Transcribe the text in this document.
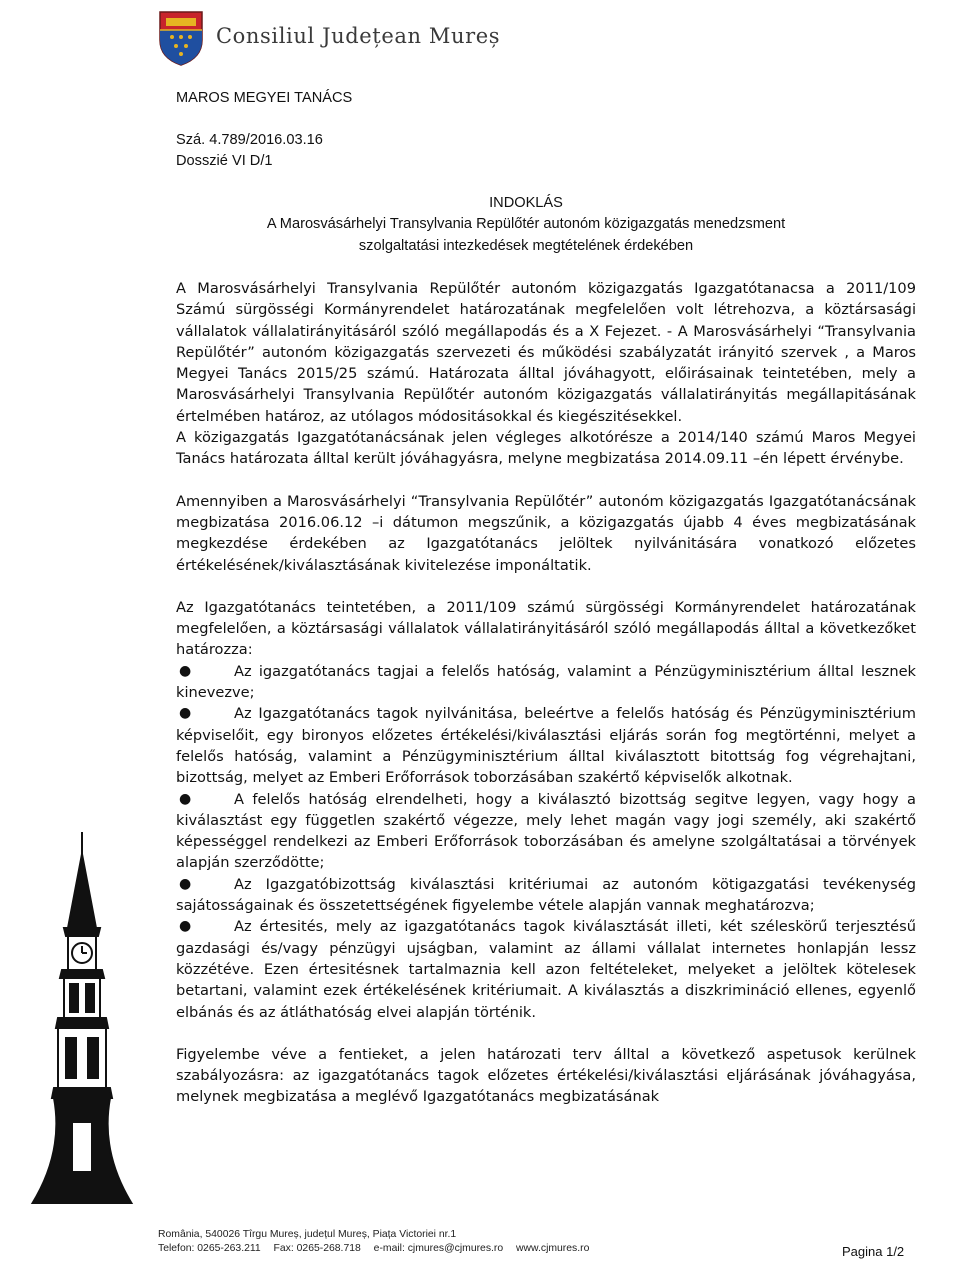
Consiliul Județean Mureș
MAROS MEGYEI TANÁCS
Szá. 4.789/2016.03.16
Dosszié VI D/1
INDOKLÁS
A Marosvásárhelyi Transylvania Repülőtér autonóm közigazgatás menedzsment
szolgaltatási intezkedések megtételének érdekében

A Marosvásárhelyi Transylvania Repülőtér autonóm közigazgatás Igazgatótanacsa a 2011/109 Számú sürgösségi Kormányrendelet határozatának megfelelően volt létrehozva, a köztársasági vállalatok vállalatirányitásáról szóló megállapodás és a X Fejezet. - A Marosvásárhelyi “Transylvania Repülőtér” autonóm közigazgatás szervezeti és működési szabályzatát irányitó szervek , a Maros Megyei Tanács 2015/25 számú. Határozata álltal jóváhagyott, előirásainak teintetében, mely a Marosvásárhelyi Transylvania Repülőtér autonóm közigazgatás vállalatirányitás megállapitásának értelmében határoz, az utólagos módositásokkal és kiegészitésekkel.

A közigazgatás Igazgatótanácsának jelen végleges alkotórésze a 2014/140 számú Maros Megyei Tanács határozata álltal került jóváhagyásra, melyne megbizatása 2014.09.11 –én lépett érvénybe.

Amennyiben a Marosvásárhelyi “Transylvania Repülőtér” autonóm közigazgatás Igazgatótanácsának megbizatása 2016.06.12 –i dátumon megszűnik, a közigazgatás újabb 4 éves megbizatásának megkezdése érdekében az Igazgatótanács jelöltek nyilvánitására vonatkozó előzetes értékelésének/kiválasztásának kivitelezése imponáltatik.

Az Igazgatótanács teintetében, a 2011/109 számú sürgösségi Kormányrendelet határozatának megfelelően, a köztársasági vállalatok vállalatirányitásáról szóló megállapodás álltal a következőket határozza:

●	Az igazgatótanács tagjai a felelős hatóság, valamint a Pénzügyminisztérium álltal lesznek kinevezve;
●	Az Igazgatótanács tagok nyilvánitása, beleértve a felelős hatóság és Pénzügyminisztérium képviselőit, egy bironyos előzetes értékelési/kiválasztási eljárás során fog megtörténni, melyet a felelős hatóság, valamint a Pénzügyminisztérium álltal kiválasztott bitottság fog végrehajtani, bizottság, melyet az Emberi Erőforrások toborzásában szakértő képviselők alkotnak.
●	A felelős hatóság elrendelheti, hogy a kiválasztó bizottság segitve legyen, vagy hogy a kiválasztást egy független szakértő végezze, mely lehet magán vagy jogi személy, aki szakértő képességgel rendelkezi az Emberi Erőforrások toborzásában és amelyne szolgáltatásai a törvények alapján szerződötte;
●	Az Igazgatóbizottság kiválasztási kritériumai az autonóm kötigazgatási tevékenység sajátosságainak és összetettségének figyelembe vétele alapján vannak meghatározva;
●	Az értesités, mely az igazgatótanács tagok kiválasztását illeti, két széleskörű terjesztésű gazdasági és/vagy pénzügyi ujságban, valamint az állami vállalat internetes honlapján lessz közzétéve. Ezen értesitésnek tartalmaznia kell azon feltételeket, melyeket a jelöltek kötelesek betartani, valamint ezek értékelésének kritériumait. A kiválasztás a diszkrimináció ellenes, egyenlő elbánás és az átláthatóság elvei alapján történik.

Figyelembe véve a fentieket, a jelen határozati terv álltal a következő aspetusok kerülnek szabályozásra: az igazgatótanács tagok előzetes értékelési/kiválasztási eljárásának jóváhagyása, melynek megbizatása a meglévő Igazgatótanács megbizatásának

România, 540026 Tîrgu Mureș, județul Mureș, Piața Victoriei nr.1
Telefon: 0265-263.211 Fax: 0265-268.718 e-mail: cjmures@cjmures.ro www.cjmures.ro	Pagina 1/2
